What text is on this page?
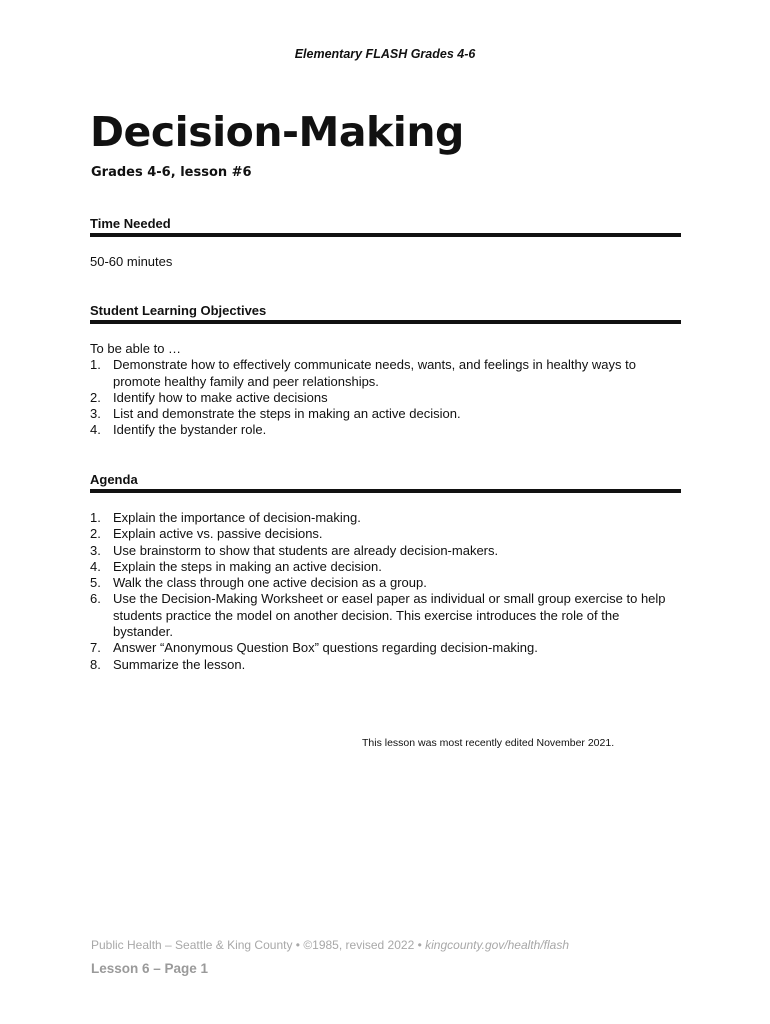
Elementary FLASH Grades 4-6
Decision-Making
Grades 4-6, lesson #6
Time Needed
50-60 minutes
Student Learning Objectives
To be able to …
1. Demonstrate how to effectively communicate needs, wants, and feelings in healthy ways to promote healthy family and peer relationships.
2. Identify how to make active decisions
3. List and demonstrate the steps in making an active decision.
4. Identify the bystander role.
Agenda
1. Explain the importance of decision-making.
2. Explain active vs. passive decisions.
3. Use brainstorm to show that students are already decision-makers.
4. Explain the steps in making an active decision.
5. Walk the class through one active decision as a group.
6. Use the Decision-Making Worksheet or easel paper as individual or small group exercise to help students practice the model on another decision. This exercise introduces the role of the bystander.
7. Answer “Anonymous Question Box” questions regarding decision-making.
8. Summarize the lesson.
This lesson was most recently edited November 2021.
Public Health – Seattle & King County • ©1985, revised 2022 • kingcounty.gov/health/flash
Lesson 6 – Page 1
